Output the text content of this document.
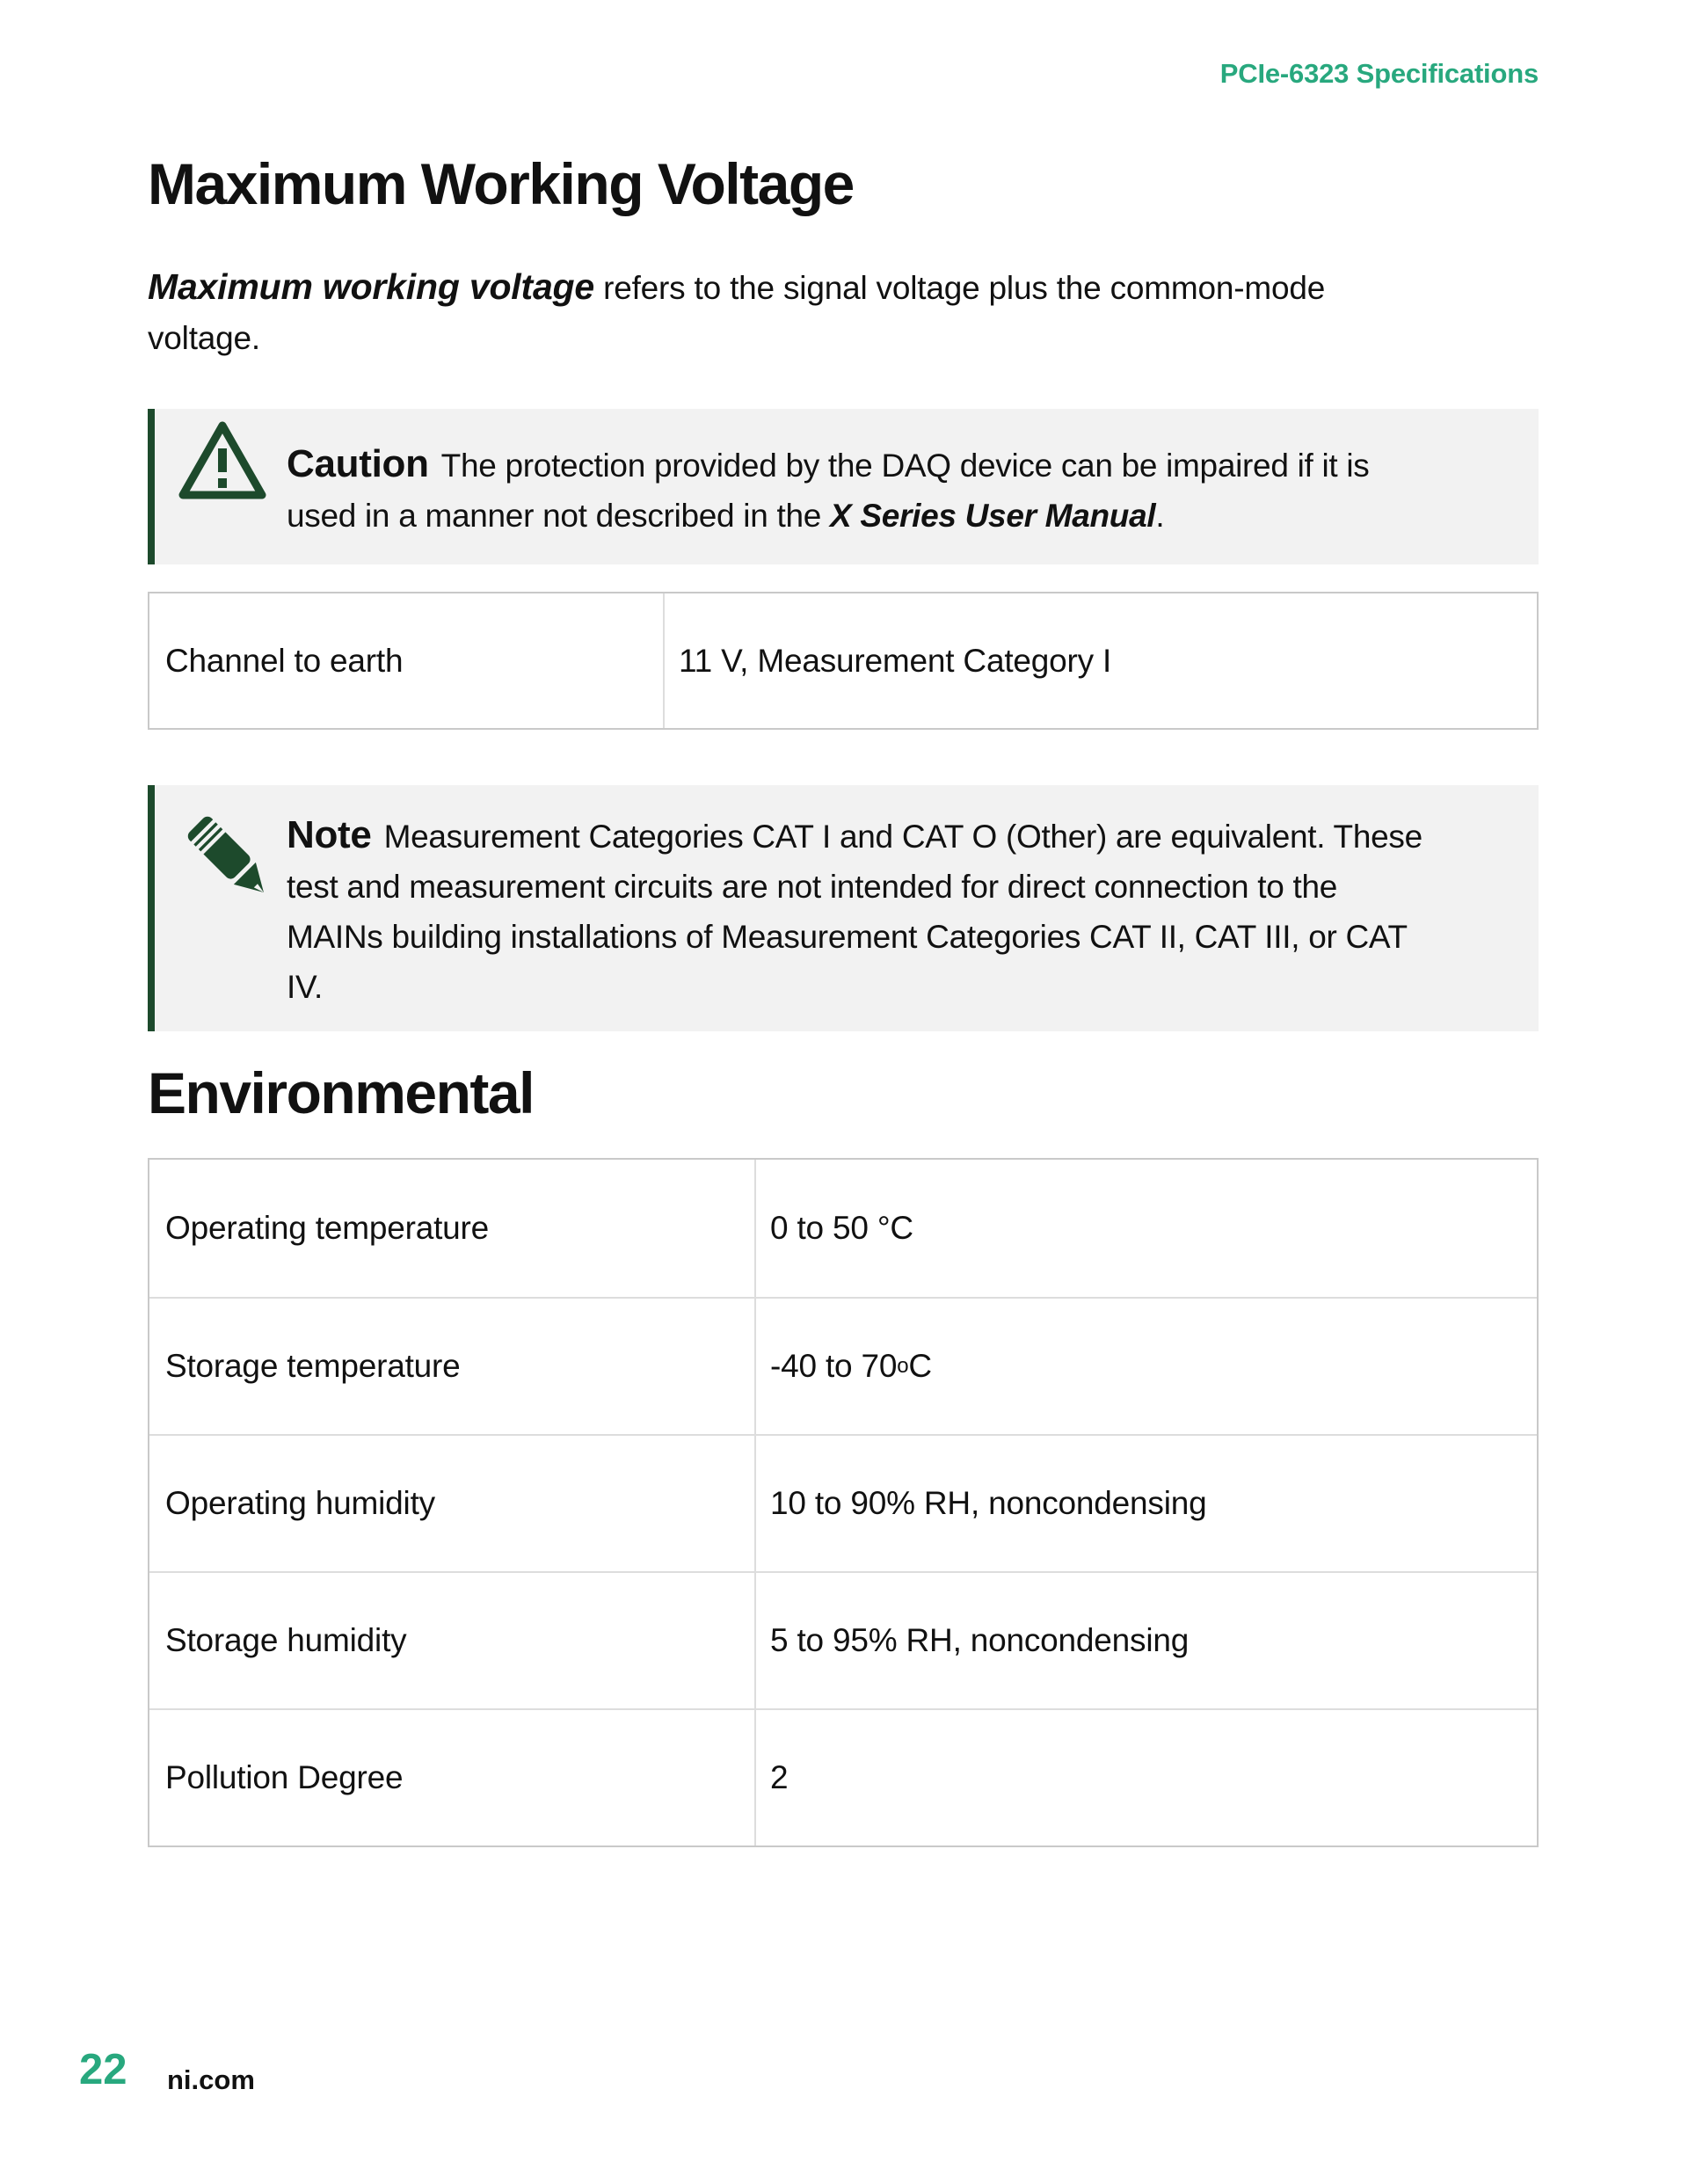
PCIe-6323 Specifications
Maximum Working Voltage
Maximum working voltage refers to the signal voltage plus the common-mode
voltage.
Caution The protection provided by the DAQ device can be impaired if it is
used in a manner not described in the X Series User Manual.
Channel to earth	11 V, Measurement Category I
Note Measurement Categories CAT I and CAT O (Other) are equivalent. These
test and measurement circuits are not intended for direct connection to the
MAINs building installations of Measurement Categories CAT II, CAT III, or CAT
IV.
Environmental
Operating temperature	0 to 50 °C
Storage temperature	-40 to 70 o C
Operating humidity	10 to 90% RH, noncondensing
Storage humidity	5 to 95% RH, noncondensing
Pollution Degree	2
22 ni.com
